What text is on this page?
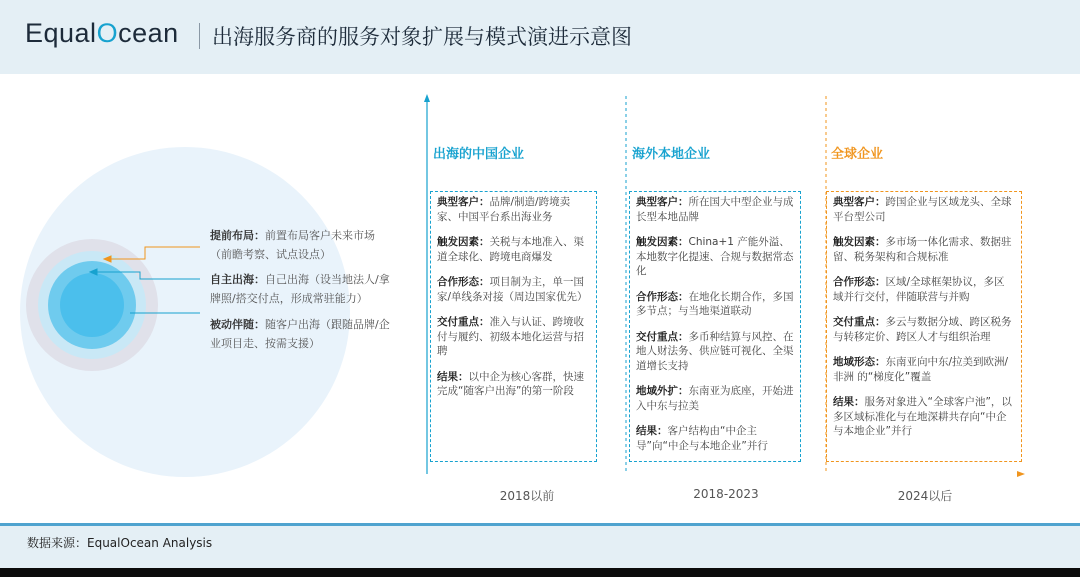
EqualOcean 出海服务商的服务对象扩展与模式演进示意图
提前布局：前置布局客户未来市场（前瞻考察、试点设点）
自主出海：自己出海（设当地法人/拿牌照/搭交付点，形成常驻能力）
被动伴随：随客户出海（跟随品牌/企业项目走、按需支援）
出海的中国企业
典型客户：品牌/制造/跨境卖家、中国平台系出海业务
触发因素：关税与本地准入、渠道全球化、跨境电商爆发
合作形态：项目制为主，单一国家/单线条对接（周边国家优先）
交付重点：准入与认证、跨境收付与履约、初级本地化运营与招聘
结果：以中企为核心客群，快速完成“随客户出海”的第一阶段
海外本地企业
典型客户：所在国大中型企业与成长型本地品牌
触发因素：China+1 产能外溢、本地数字化提速、合规与数据常态化
合作形态：在地化长期合作，多国多节点；与当地渠道联动
交付重点：多币种结算与风控、在地人财法务、供应链可视化、全渠道增长支持
地域外扩：东南亚为底座，开始进入中东与拉美
结果：客户结构由“中企主导”向“中企与本地企业”并行
全球企业
典型客户：跨国企业与区域龙头、全球平台型公司
触发因素：多市场一体化需求、数据驻留、税务架构和合规标准
合作形态：区域/全球框架协议，多区域并行交付，伴随联营与并购
交付重点：多云与数据分域、跨区税务与转移定价、跨区人才与组织治理
地域形态：东南亚向中东/拉美到欧洲/非洲 的“梯度化”覆盖
结果：服务对象进入“全球客户池”，以多区域标准化与在地深耕共存向“中企与本地企业”并行
2018以前	2018-2023	2024以后
数据来源：EqualOcean Analysis
